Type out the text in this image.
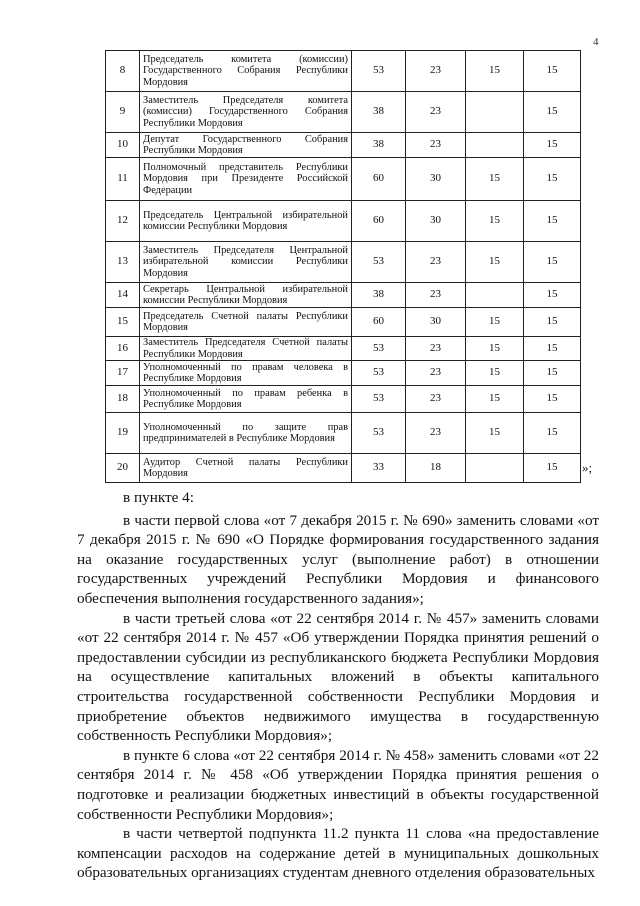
4
8	Председатель комитета (комиссии) Государственного Собрания Республики Мордовия	53	23	15	15
9	Заместитель Председателя комитета (комиссии) Государственного Собрания Республики Мордовия	38	23		15
10	Депутат Государственного Собрания Республики Мордовия	38	23		15
11	Полномочный представитель Республики Мордовия при Президенте Российской Федерации	60	30	15	15
12	Председатель Центральной избирательной комиссии Республики Мордовия	60	30	15	15
13	Заместитель Председателя Центральной избирательной комиссии Республики Мордовия	53	23	15	15
14	Секретарь Центральной избирательной комиссии Республики Мордовия	38	23		15
15	Председатель Счетной палаты Республики Мордовия	60	30	15	15
16	Заместитель Председателя Счетной палаты Республики Мордовия	53	23	15	15
17	Уполномоченный по правам человека в Республике Мордовия	53	23	15	15
18	Уполномоченный по правам ребенка в Республике Мордовия	53	23	15	15
19	Уполномоченный по защите прав предпринимателей в Республике Мордовия	53	23	15	15
20	Аудитор Счетной палаты Республики Мордовия	33	18		15 »;

в пункте 4:

в части первой слова «от 7 декабря 2015 г. № 690» заменить словами «от 7 декабря 2015 г. № 690 «О Порядке формирования государственного задания на оказание государственных услуг (выполнение работ) в отношении государственных учреждений Республики Мордовия и финансового обеспечения выполнения государственного задания»;

в части третьей слова «от 22 сентября 2014 г. № 457» заменить словами «от 22 сентября 2014 г. № 457 «Об утверждении Порядка принятия решений о предоставлении субсидии из республиканского бюджета Республики Мордовия на осуществление капитальных вложений в объекты капитального строительства государственной собственности Республики Мордовия и приобретение объектов недвижимого имущества в государственную собственность Республики Мордовия»;

в пункте 6 слова «от 22 сентября 2014 г. № 458» заменить словами «от 22 сентября 2014 г. № 458 «Об утверждении Порядка принятия решения о подготовке и реализации бюджетных инвестиций в объекты государственной собственности Республики Мордовия»;

в части четвертой подпункта 11.2 пункта 11 слова «на предоставление компенсации расходов на содержание детей в муниципальных дошкольных образовательных организациях студентам дневного отделения образовательных
